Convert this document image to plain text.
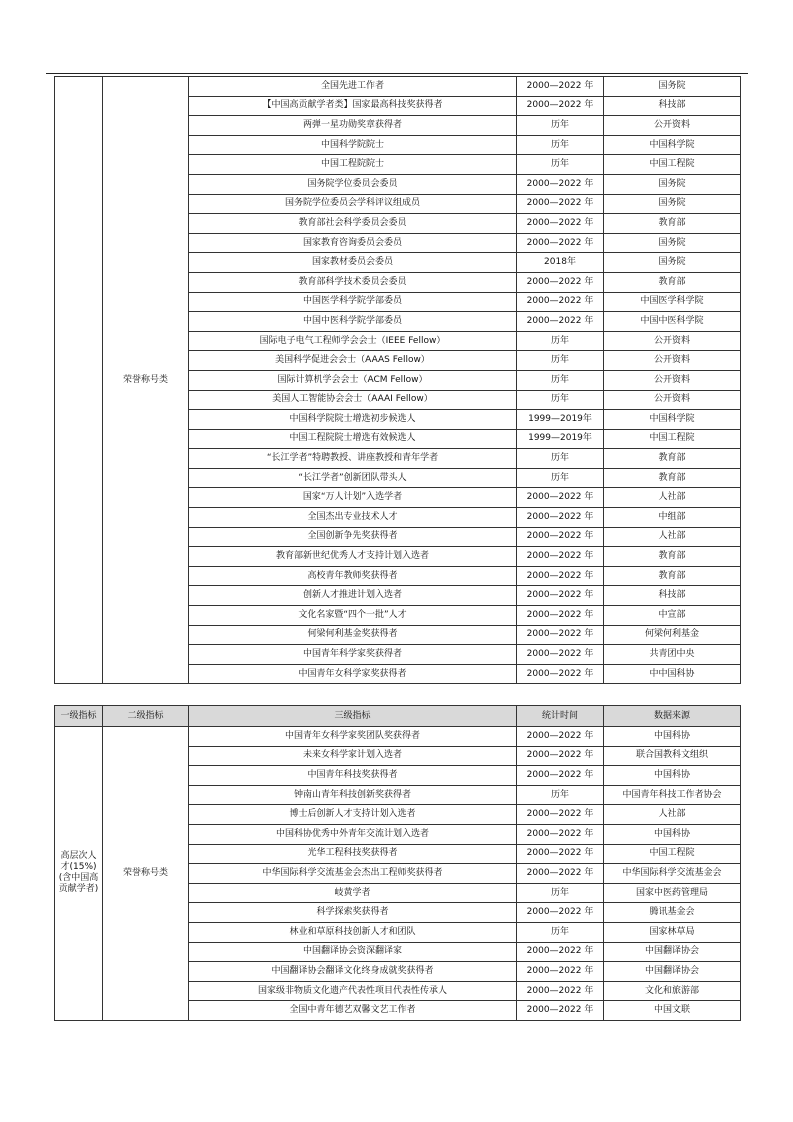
	荣誉称号类	全国先进工作者	2000—2022 年	国务院
		【中国高贡献学者类】国家最高科技奖获得者	2000—2022 年	科技部
		两弹一星功勋奖章获得者	历年	公开资料
		中国科学院院士	历年	中国科学院
		中国工程院院士	历年	中国工程院
		国务院学位委员会委员	2000—2022 年	国务院
		国务院学位委员会学科评议组成员	2000—2022 年	国务院
		教育部社会科学委员会委员	2000—2022 年	教育部
		国家教育咨询委员会委员	2000—2022 年	国务院
		国家教材委员会委员	2018年	国务院
		教育部科学技术委员会委员	2000—2022 年	教育部
		中国医学科学院学部委员	2000—2022 年	中国医学科学院
		中国中医科学院学部委员	2000—2022 年	中国中医科学院
		国际电子电气工程师学会会士（IEEE Fellow）	历年	公开资料
		美国科学促进会会士（AAAS Fellow）	历年	公开资料
		国际计算机学会会士（ACM Fellow）	历年	公开资料
		美国人工智能协会会士（AAAI Fellow）	历年	公开资料
		中国科学院院士增选初步候选人	1999—2019年	中国科学院
		中国工程院院士增选有效候选人	1999—2019年	中国工程院
		“长江学者”特聘教授、讲座教授和青年学者	历年	教育部
		“长江学者”创新团队带头人	历年	教育部
		国家“万人计划”入选学者	2000—2022 年	人社部
		全国杰出专业技术人才	2000—2022 年	中组部
		全国创新争先奖获得者	2000—2022 年	人社部
		教育部新世纪优秀人才支持计划入选者	2000—2022 年	教育部
		高校青年教师奖获得者	2000—2022 年	教育部
		创新人才推进计划入选者	2000—2022 年	科技部
		文化名家暨“四个一批”人才	2000—2022 年	中宣部
		何梁何利基金奖获得者	2000—2022 年	何梁何利基金
		中国青年科学家奖获得者	2000—2022 年	共青团中央
		中国青年女科学家奖获得者	2000—2022 年	中中国科协
一级指标	二级指标	三级指标	统计时间	数据来源
高层次人才(15%)(含中国高贡献学者)	荣誉称号类	中国青年女科学家奖团队奖获得者	2000—2022 年	中国科协
		未来女科学家计划入选者	2000—2022 年	联合国教科文组织
		中国青年科技奖获得者	2000—2022 年	中国科协
		钟南山青年科技创新奖获得者	历年	中国青年科技工作者协会
		博士后创新人才支持计划入选者	2000—2022 年	人社部
		中国科协优秀中外青年交流计划入选者	2000—2022 年	中国科协
		光华工程科技奖获得者	2000—2022 年	中国工程院
		中华国际科学交流基金会杰出工程师奖获得者	2000—2022 年	中华国际科学交流基金会
		岐黄学者	历年	国家中医药管理局
		科学探索奖获得者	2000—2022 年	腾讯基金会
		林业和草原科技创新人才和团队	历年	国家林草局
		中国翻译协会资深翻译家	2000—2022 年	中国翻译协会
		中国翻译协会翻译文化终身成就奖获得者	2000—2022 年	中国翻译协会
		国家级非物质文化遗产代表性项目代表性传承人	2000—2022 年	文化和旅游部
		全国中青年德艺双馨文艺工作者	2000—2022 年	中国文联
